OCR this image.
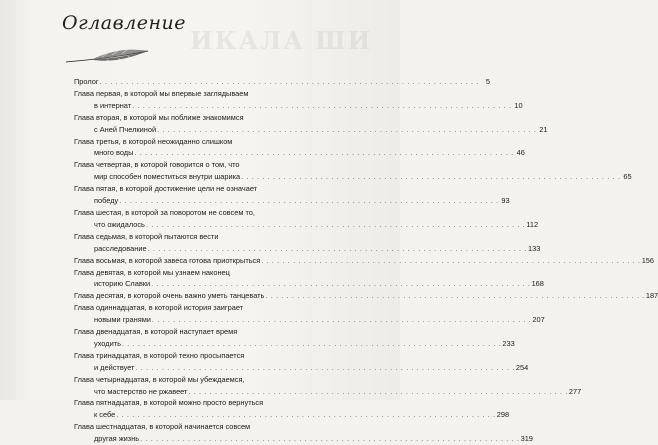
ИКАЛА ШИ
Оглавление
Пролог . . .	5
Глава первая, в которой мы впервые заглядываем
в интернат . . .	10
Глава вторая, в которой мы поближе знакомимся
с Аней Пчелкиной . . .	21
Глава третья, в которой неожиданно слишком
много воды . . .	46
Глава четвертая, в которой говорится о том, что
мир способен поместиться внутри шарика . . .	65
Глава пятая, в которой достижение цели не означает
победу . . .	93
Глава шестая, в которой за поворотом не совсем то,
что ожидалось . . .	112
Глава седьмая, в которой пытаются вести
расследование . . .	133
Глава восьмая, в которой завеса готова приоткрыться . . .	156
Глава девятая, в которой мы узнаем наконец
историю Славки . . .	168
Глава десятая, в которой очень важно уметь танцевать . . .	187
Глава одиннадцатая, в которой история заиграет
новыми гранями . . .	207
Глава двенадцатая, в которой наступает время
уходить . . .	233
Глава тринадцатая, в которой техно просыпается
и действует . . .	254
Глава четырнадцатая, в которой мы убеждаемся,
что мастерство не ржавеет . . .	277
Глава пятнадцатая, в которой можно просто вернуться
к себе . . .	298
Глава шестнадцатая, в которой начинается совсем
другая жизнь . . .	319
